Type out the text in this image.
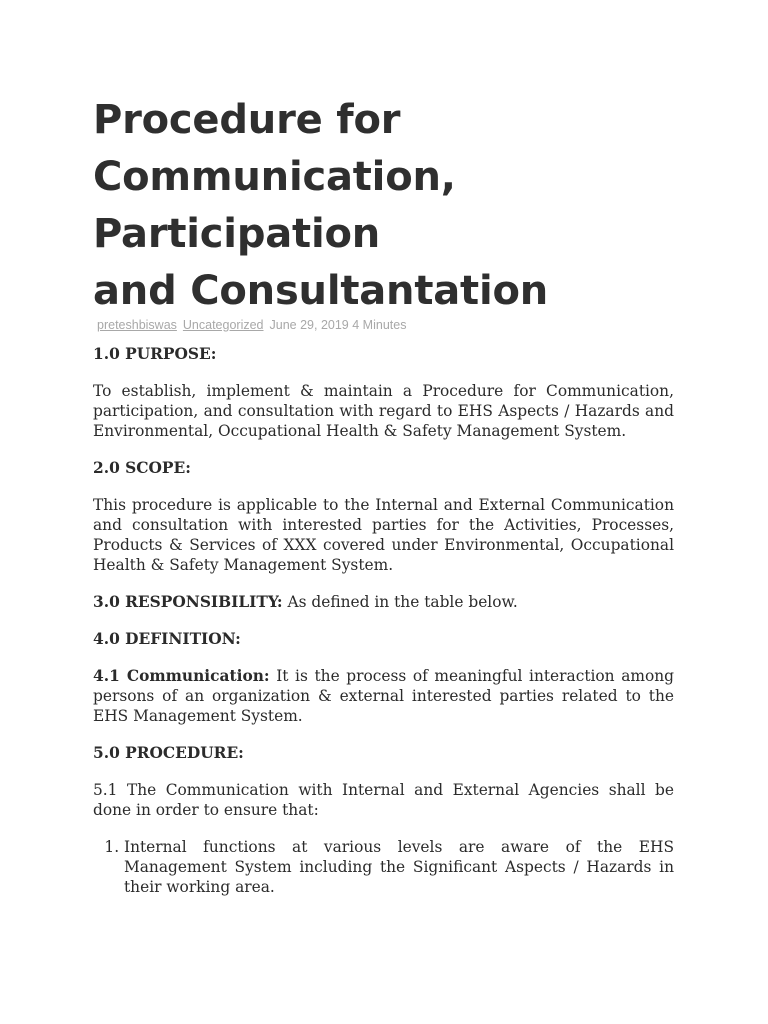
Procedure for
Communication,
Participation
and Consultantation
preteshbiswas Uncategorized June 29, 2019 4 Minutes
1.0 PURPOSE:

To establish, implement & maintain a Procedure for Communication, participation, and consultation with regard to EHS Aspects / Hazards and Environmental, Occupational Health & Safety Management System.

2.0 SCOPE:

This procedure is applicable to the Internal and External Communication and consultation with interested parties for the Activities, Processes, Products & Services of XXX covered under Environmental, Occupational Health & Safety Management System.

3.0 RESPONSIBILITY: As defined in the table below.

4.0 DEFINITION:

4.1 Communication: It is the process of meaningful interaction among persons of an organization & external interested parties related to the EHS Management System.

5.0 PROCEDURE:

5.1 The Communication with Internal and External Agencies shall be done in order to ensure that:

1. Internal functions at various levels are aware of the EHS Management System including the Significant Aspects / Hazards in their working area.
